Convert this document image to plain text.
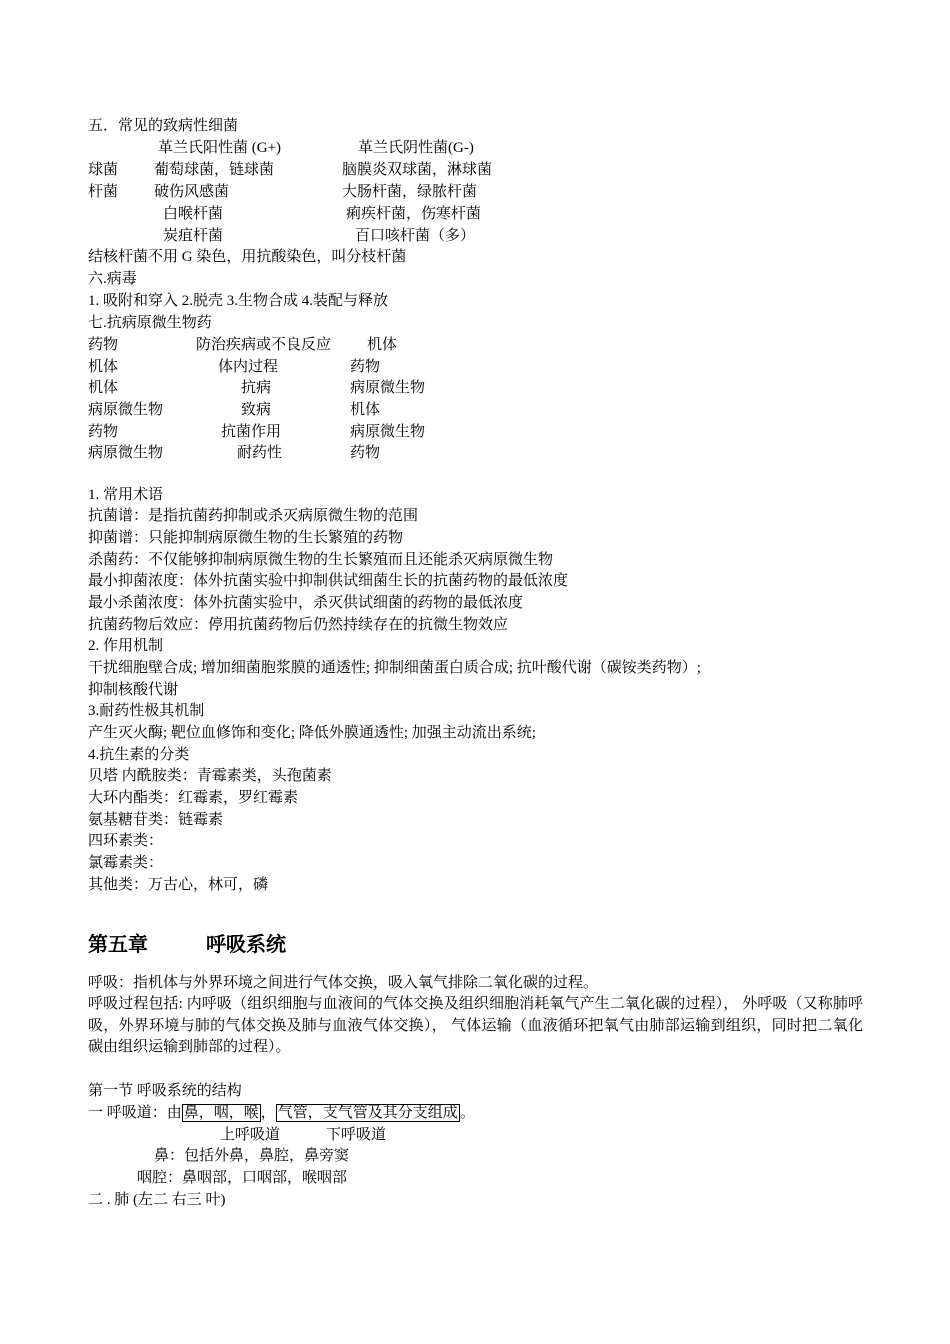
五．常见的致病性细菌
革兰氏阳性菌 (G+)	革兰氏阴性菌(G-)
球菌 葡萄球菌，链球菌	脑膜炎双球菌，淋球菌
杆菌 破伤风感菌	大肠杆菌，绿脓杆菌
白喉杆菌	痢疾杆菌，伤寒杆菌
炭疽杆菌	百口咳杆菌（多）
结核杆菌不用 G 染色，用抗酸染色，叫分枝杆菌
六.病毒
1. 吸附和穿入 2.脱壳 3.生物合成 4.装配与释放
七.抗病原微生物药
药物	防治疾病或不良反应 机体
机体	体内过程	药物
机体	抗病	病原微生物
病原微生物	致病	机体
药物	抗菌作用	病原微生物
病原微生物	耐药性	药物
1. 常用术语
抗菌谱：是指抗菌药抑制或杀灭病原微生物的范围
抑菌谱：只能抑制病原微生物的生长繁殖的药物
杀菌药：不仅能够抑制病原微生物的生长繁殖而且还能杀灭病原微生物
最小抑菌浓度：体外抗菌实验中抑制供试细菌生长的抗菌药物的最低浓度
最小杀菌浓度：体外抗菌实验中，杀灭供试细菌的药物的最低浓度
抗菌药物后效应：停用抗菌药物后仍然持续存在的抗微生物效应
2. 作用机制
干扰细胞壁合成; 增加细菌胞浆膜的通透性; 抑制细菌蛋白质合成; 抗叶酸代谢（碳铵类药物）;
抑制核酸代谢
3.耐药性极其机制
产生灭火酶; 靶位血修饰和变化; 降低外膜通透性; 加强主动流出系统;
4.抗生素的分类
贝塔 内酰胺类：青霉素类，头孢菌素
大环内酯类：红霉素，罗红霉素
氨基糖苷类：链霉素
四环素类：
氯霉素类：
其他类：万古心，林可，磷
第五章	呼吸系统
呼吸：指机体与外界环境之间进行气体交换，吸入氧气排除二氧化碳的过程。
呼吸过程包括: 内呼吸（组织细胞与血液间的气体交换及组织细胞消耗氧气产生二氧化碳的过程）， 外呼吸（又称肺呼吸，外界环境与肺的气体交换及肺与血液气体交换）， 气体运输（血液循环把氧气由肺部运输到组织，同时把二氧化碳由组织运输到肺部的过程）。
第一节 呼吸系统的结构
一 呼吸道：由 鼻，咽，喉 ， 气管，支气管及其分支组成 。
上呼吸道	下呼吸道
鼻：包括外鼻，鼻腔，鼻旁窦
咽腔：鼻咽部，口咽部，喉咽部
二 . 肺 (左二 右三 叶)
